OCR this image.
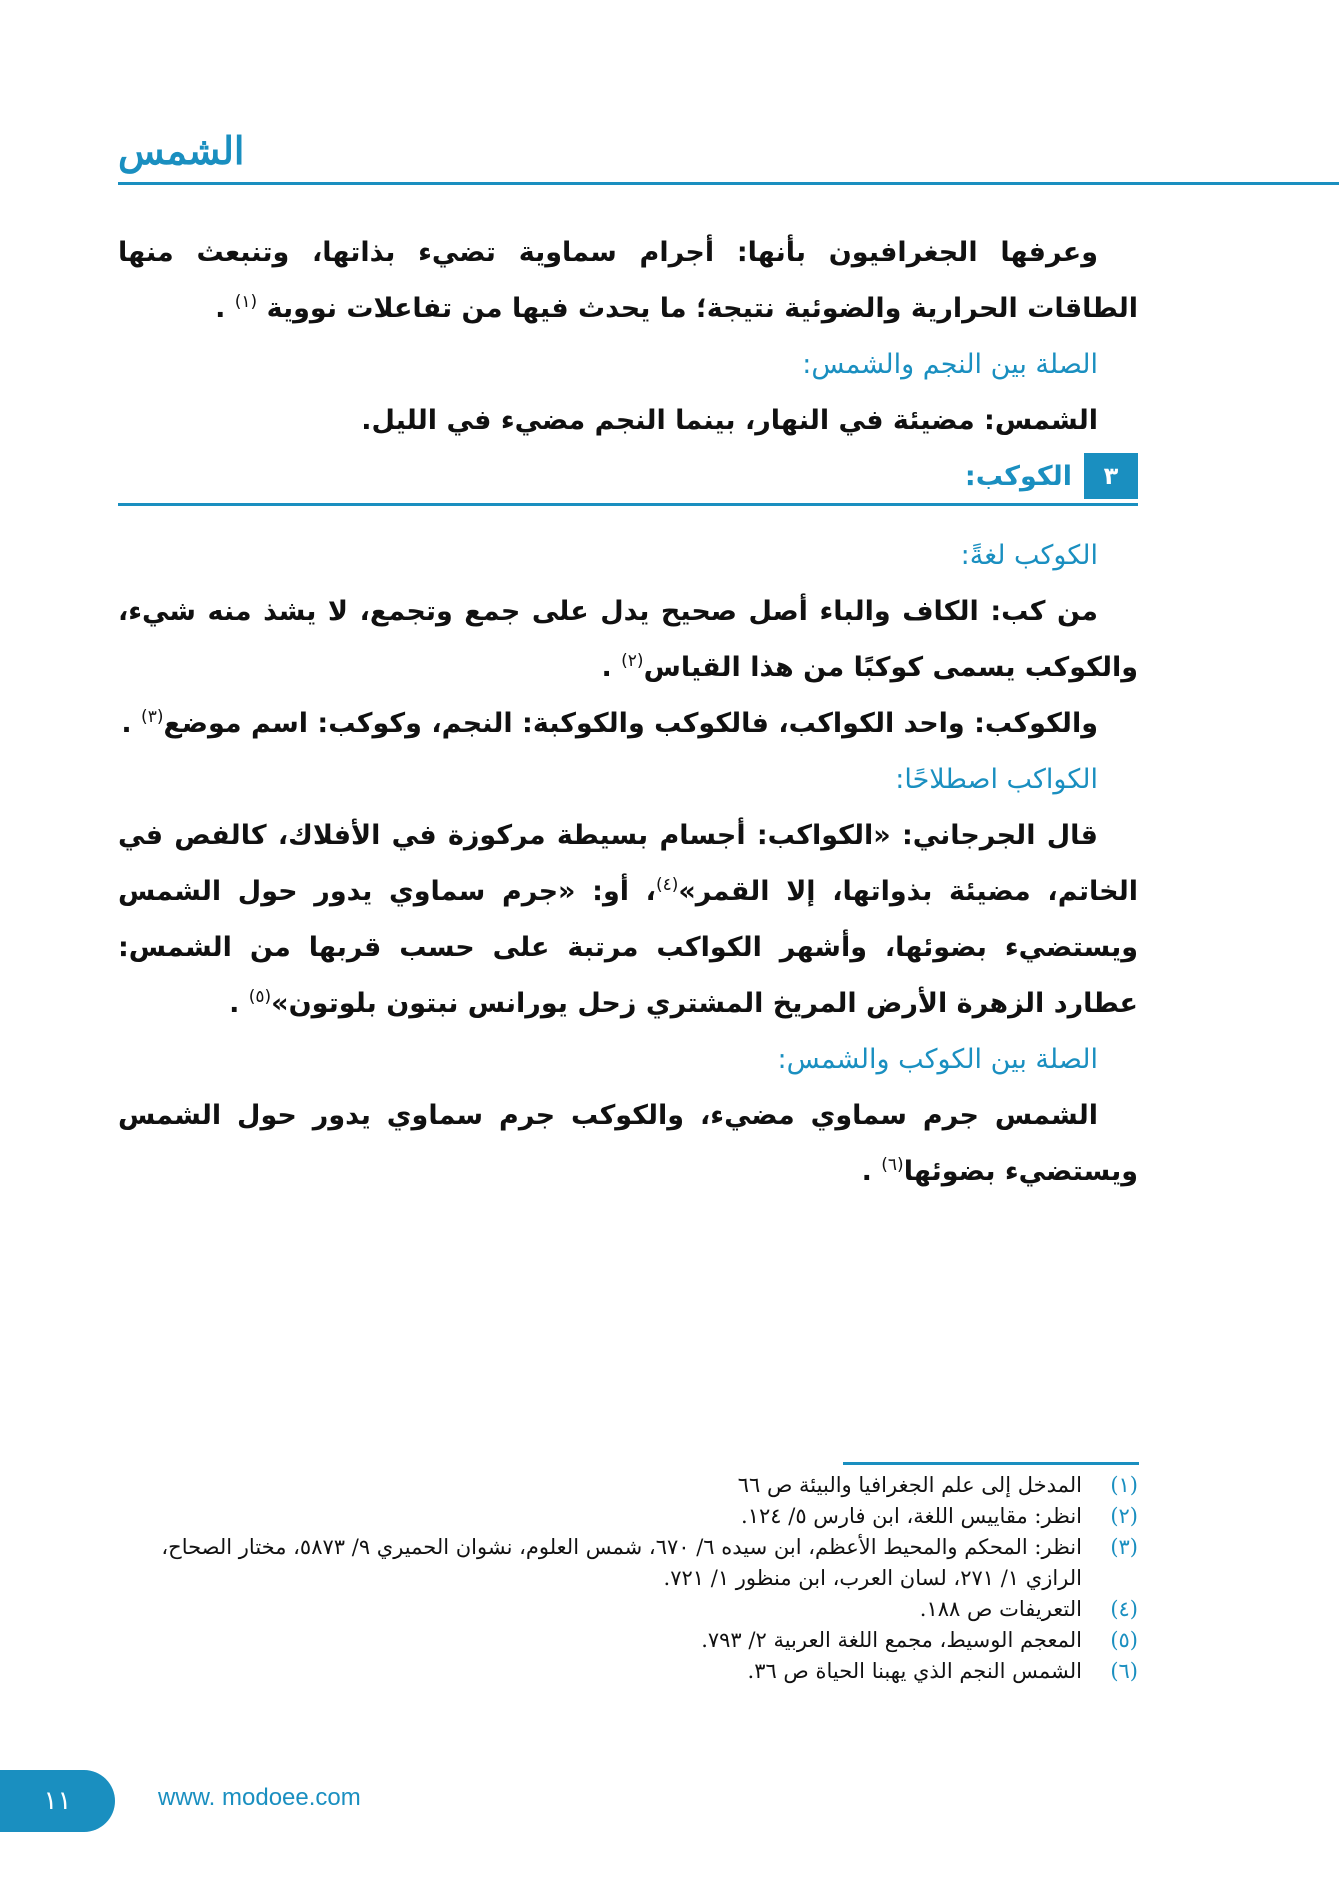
الشمس

وعرفها الجغرافيون بأنها: أجرام سماوية تضيء بذاتها، وتنبعث منها الطاقات الحرارية والضوئية نتيجة؛ ما يحدث فيها من تفاعلات نووية $^{(١)}$ .

الصلة بين النجم والشمس:

الشمس: مضيئة في النهار، بينما النجم مضيء في الليل.

٣
الكوكب:

الكوكب لغةً:

من كب: الكاف والباء أصل صحيح يدل على جمع وتجمع، لا يشذ منه شيء، والكوكب يسمى كوكبًا من هذا القياس$^{(٢)}$ .

والكوكب: واحد الكواكب، فالكوكب والكوكبة: النجم، وكوكب: اسم موضع$^{(٣)}$ .

الكواكب اصطلاحًا:

قال الجرجاني: «الكواكب: أجسام بسيطة مركوزة في الأفلاك، كالفص في الخاتم، مضيئة بذواتها، إلا القمر»$^{(٤)}$، أو: «جرم سماوي يدور حول الشمس ويستضيء بضوئها، وأشهر الكواكب مرتبة على حسب قربها من الشمس: عطارد الزهرة الأرض المريخ المشتري زحل يورانس نبتون بلوتون»$^{(٥)}$ .

الصلة بين الكوكب والشمس:

الشمس جرم سماوي مضيء، والكوكب جرم سماوي يدور حول الشمس ويستضيء بضوئها$^{(٦)}$ .

(١)
المدخل إلى علم الجغرافيا والبيئة ص ٦٦
(٢)
انظر: مقاييس اللغة، ابن فارس ٥/ ١٢٤.
(٣)
انظر: المحكم والمحيط الأعظم، ابن سيده ٦/ ٦٧٠، شمس العلوم، نشوان الحميري ٩/ ٥٨٧٣، مختار الصحاح، الرازي ١/ ٢٧١، لسان العرب، ابن منظور ١/ ٧٢١.
(٤)
التعريفات ص ١٨٨.
(٥)
المعجم الوسيط، مجمع اللغة العربية ٢/ ٧٩٣.
(٦)
الشمس النجم الذي يهبنا الحياة ص ٣٦.
١١	www. modoee.com
